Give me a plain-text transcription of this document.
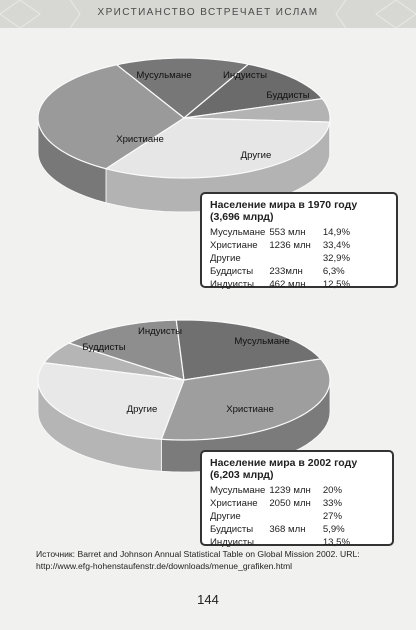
ХРИСТИАНСТВО ВСТРЕЧАЕТ ИСЛАМ
Мусульмане	Индуисты
Буддисты
Другие
Христиане
Население мира в 1970 году (3,696 млрд)
Мусульмане	553 млн	14,9%
Христиане	1236 млн	33,4%
Другие		32,9%
Буддисты	233млн	6,3%
Индуисты	462 млн	12,5%
Буддисты
Индуисты
Мусульмане
Христиане
Другие
Население мира в 2002 году (6,203 млрд)
Мусульмане	1239 млн	20%
Христиане	2050 млн	33%
Другие		27%
Буддисты	368 млн	5,9%
Индуисты		13,5%
Источник: Barret and Johnson Annual Statistical Table on Global Mission 2002. URL: http://www.efg-hohenstaufenstr.de/downloads/menue_grafiken.html
144
